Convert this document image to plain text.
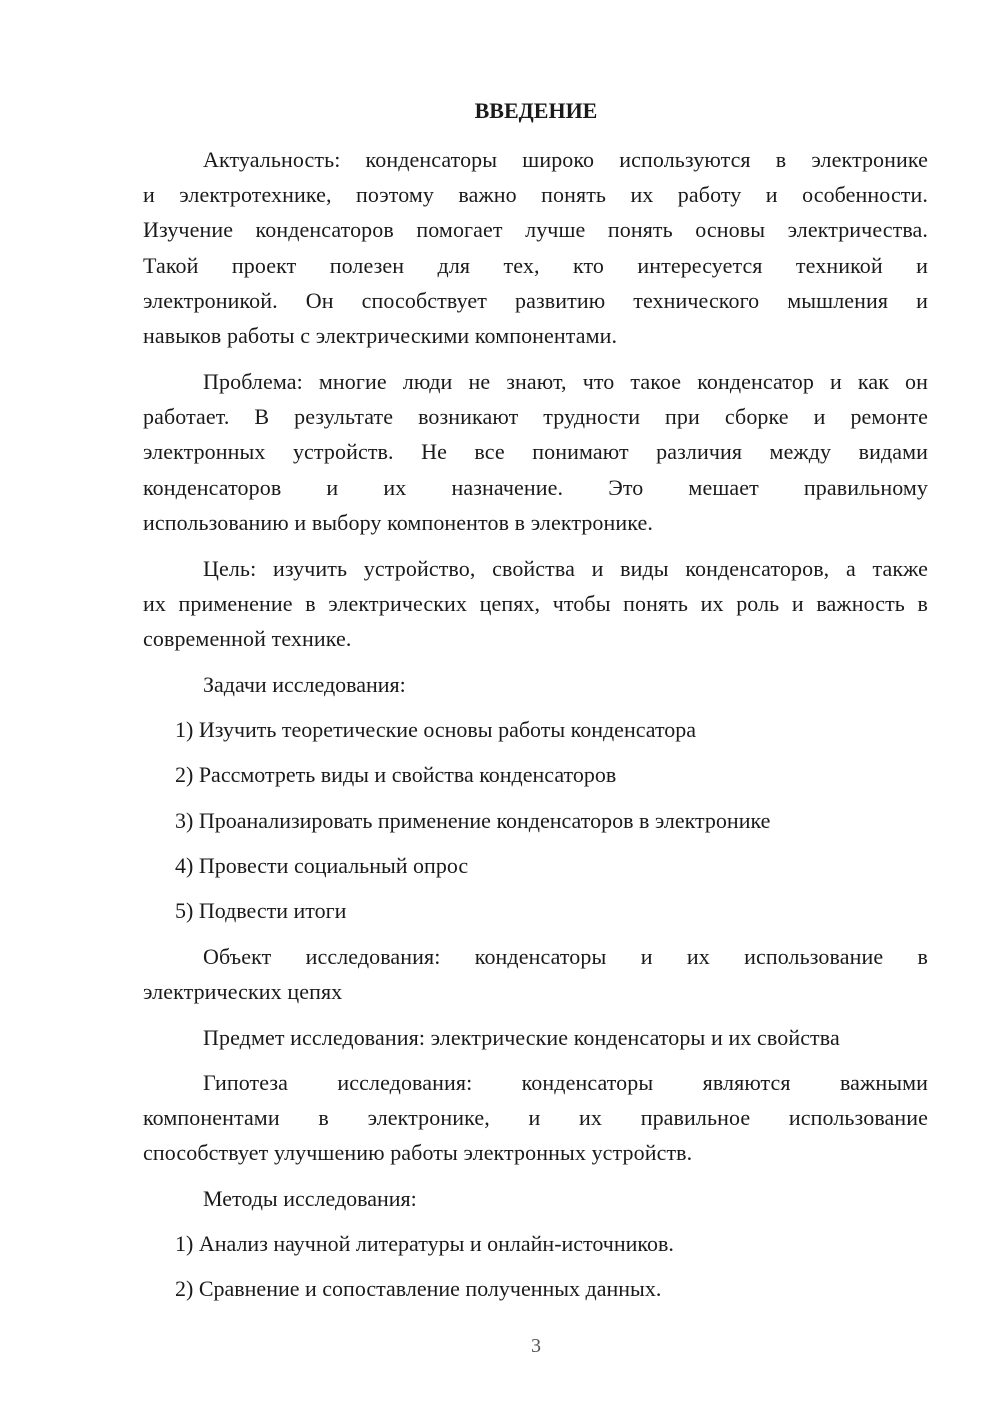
ВВЕДЕНИЕ
Актуальность: конденсаторы широко используются в электронике
и электротехнике, поэтому важно понять их работу и особенности.
Изучение конденсаторов помогает лучше понять основы электричества.
Такой проект полезен для тех, кто интересуется техникой и
электроникой. Он способствует развитию технического мышления и
навыков работы с электрическими компонентами.
Проблема: многие люди не знают, что такое конденсатор и как он
работает. В результате возникают трудности при сборке и ремонте
электронных устройств. Не все понимают различия между видами
конденсаторов и их назначение. Это мешает правильному
использованию и выбору компонентов в электронике.
Цель: изучить устройство, свойства и виды конденсаторов, а также
их применение в электрических цепях, чтобы понять их роль и важность в
современной технике.
Задачи исследования:
1) Изучить теоретические основы работы конденсатора
2) Рассмотреть виды и свойства конденсаторов
3) Проанализировать применение конденсаторов в электронике
4) Провести социальный опрос
5) Подвести итоги
Объект исследования: конденсаторы и их использование в
электрических цепях
Предмет исследования: электрические конденсаторы и их свойства
Гипотеза исследования: конденсаторы являются важными
компонентами в электронике, и их правильное использование
способствует улучшению работы электронных устройств.
Методы исследования:
1) Анализ научной литературы и онлайн-источников.
2) Сравнение и сопоставление полученных данных.
3
